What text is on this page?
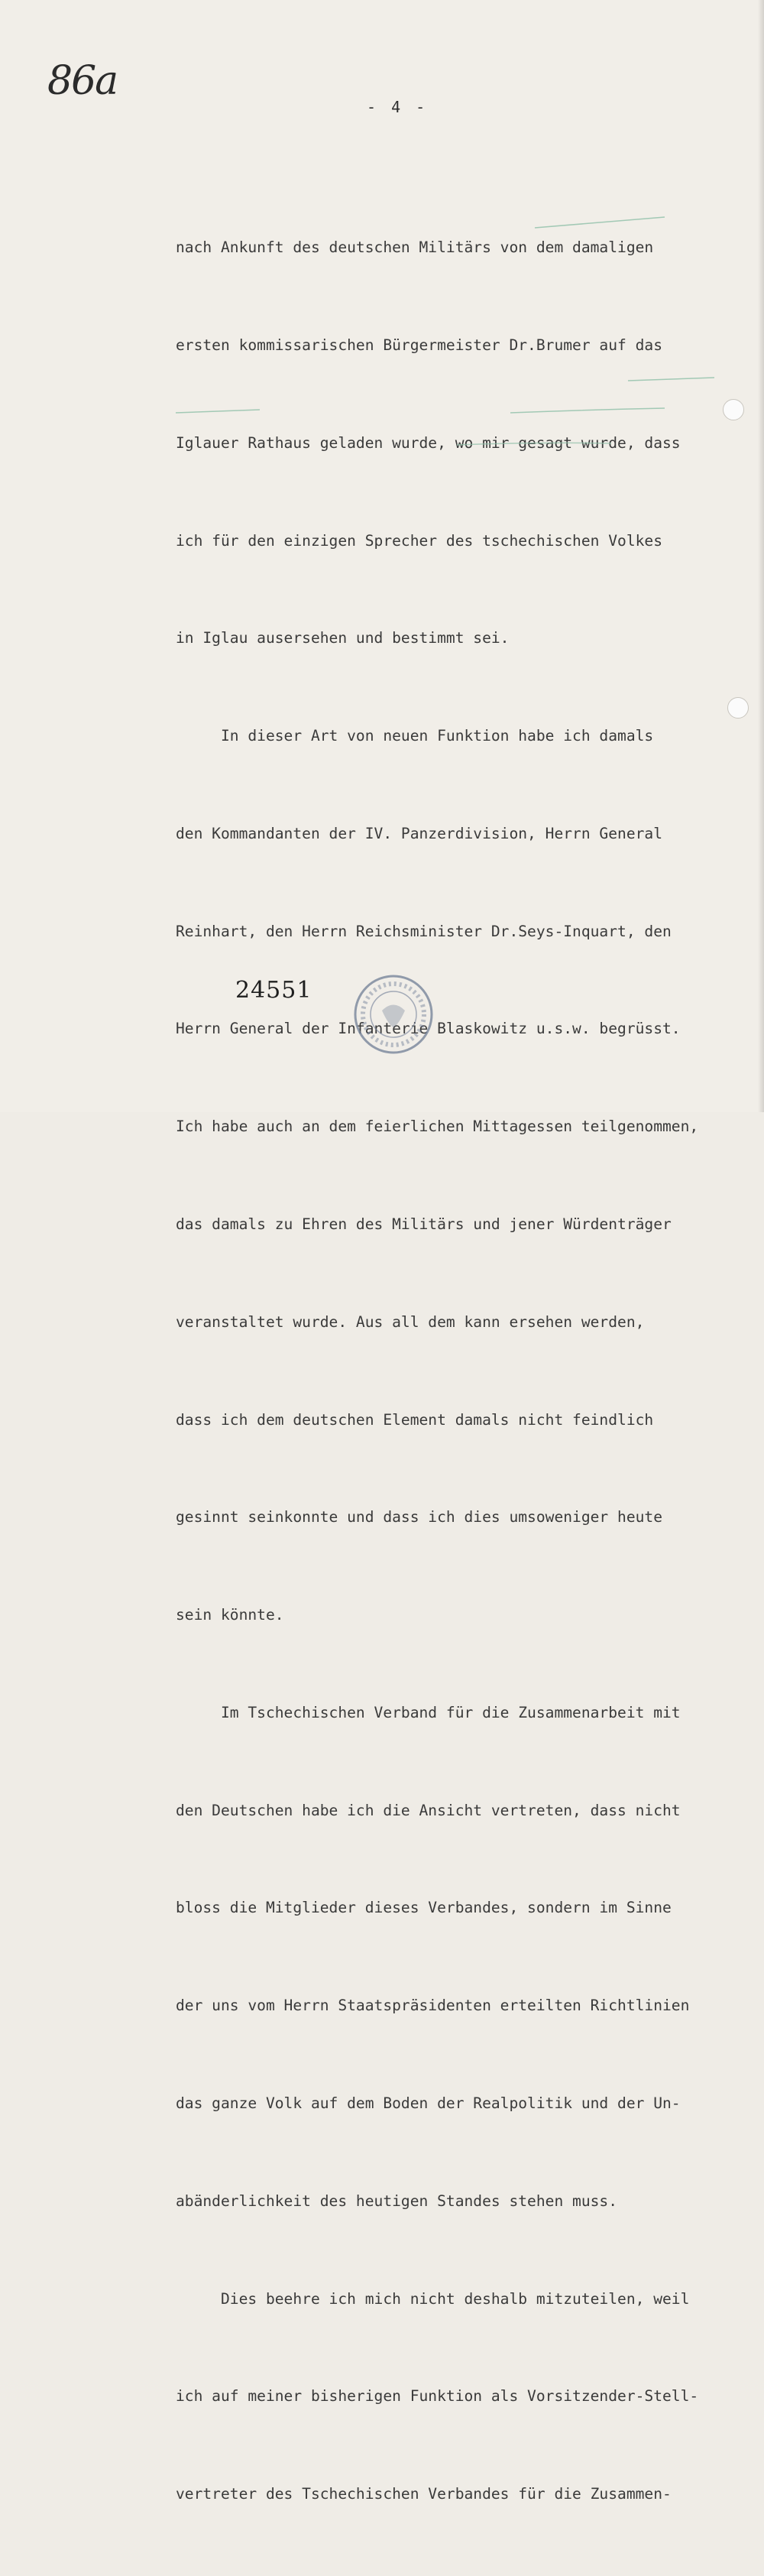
86a
- 4 -

nach Ankunft des deutschen Militärs von dem damaligen

ersten kommissarischen Bürgermeister Dr.Brumer auf das

Iglauer Rathaus geladen wurde, wo mir gesagt wurde, dass

ich für den einzigen Sprecher des tschechischen Volkes

in Iglau ausersehen und bestimmt sei.

In dieser Art von neuen Funktion habe ich damals

den Kommandanten der IV. Panzerdivision, Herrn General

Reinhart, den Herrn Reichsminister Dr.Seys-Inquart, den

Herrn General der Infanterie Blaskowitz u.s.w. begrüsst.

Ich habe auch an dem feierlichen Mittagessen teilgenommen,

das damals zu Ehren des Militärs und jener Würdenträger

veranstaltet wurde. Aus all dem kann ersehen werden,

dass ich dem deutschen Element damals nicht feindlich

gesinnt seinkonnte und dass ich dies umsoweniger heute

sein könnte.

Im Tschechischen Verband für die Zusammenarbeit mit

den Deutschen habe ich die Ansicht vertreten, dass nicht

bloss die Mitglieder dieses Verbandes, sondern im Sinne

der uns vom Herrn Staatspräsidenten erteilten Richtlinien

das ganze Volk auf dem Boden der Realpolitik und der Un-

abänderlichkeit des heutigen Standes stehen muss.

Dies beehre ich mich nicht deshalb mitzuteilen, weil

ich auf meiner bisherigen Funktion als Vorsitzender-Stell-

vertreter des Tschechischen Verbandes für die Zusammen-

24551
